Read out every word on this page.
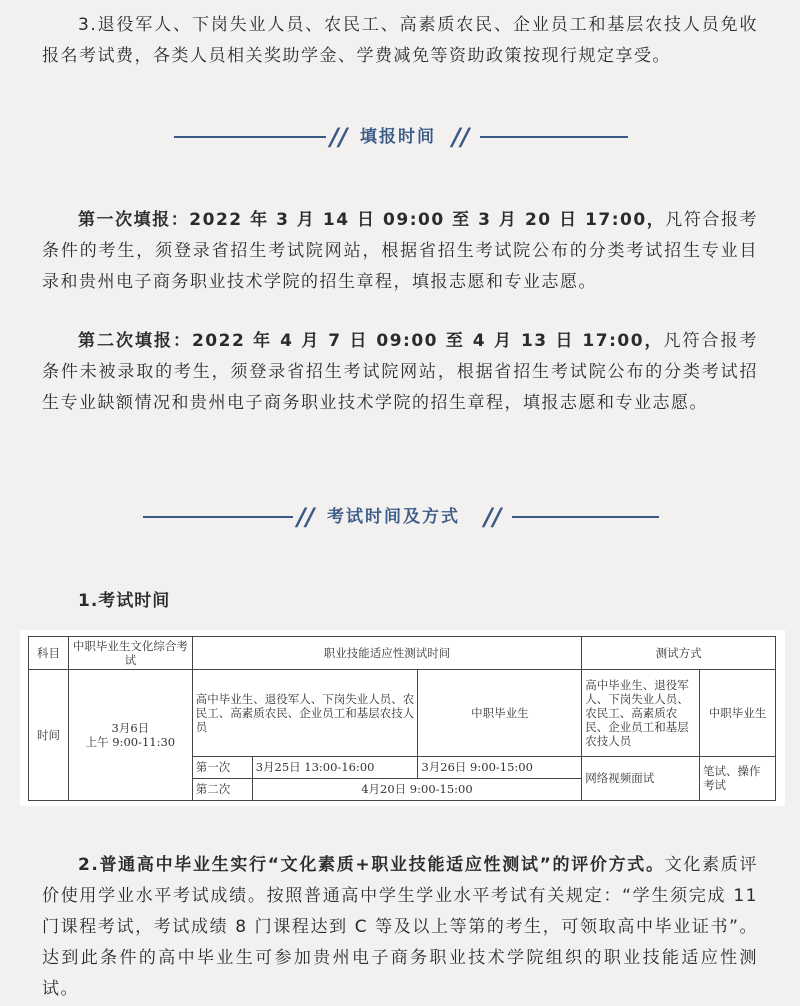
3.退役军人、下岗失业人员、农民工、高素质农民、企业员工和基层农技人员免收报名考试费，各类人员相关奖助学金、学费减免等资助政策按现行规定享受。

// 填报时间 //

第一次填报：2022 年 3 月 14 日 09:00 至 3 月 20 日 17:00，凡符合报考条件的考生，须登录省招生考试院网站，根据省招生考试院公布的分类考试招生专业目录和贵州电子商务职业技术学院的招生章程，填报志愿和专业志愿。

第二次填报：2022 年 4 月 7 日 09:00 至 4 月 13 日 17:00，凡符合报考条件未被录取的考生，须登录省招生考试院网站，根据省招生考试院公布的分类考试招生专业缺额情况和贵州电子商务职业技术学院的招生章程，填报志愿和专业志愿。

// 考试时间及方式 //
1.考试时间
科目	中职毕业生文化综合考试	职业技能适应性测试时间			测试方式	
时间	3月6日
上午 9:00-11:30	高中毕业生、退役军人、下岗失业人员、农民工、高素质农民、企业员工和基层农技人员		中职毕业生	高中毕业生、退役军人、下岗失业人员、农民工、高素质农民、企业员工和基层农技人员	中职毕业生
		第一次	3月25日 13:00-16:00	3月26日 9:00-15:00	网络视频面试	笔试、操作考试
		第二次	4月20日 9:00-15:00			

2.普通高中毕业生实行“文化素质+职业技能适应性测试”的评价方式。文化素质评价使用学业水平考试成绩。按照普通高中学生学业水平考试有关规定：“学生须完成 11 门课程考试，考试成绩 8 门课程达到 C 等及以上等第的考生，可领取高中毕业证书”。达到此条件的高中毕业生可参加贵州电子商务职业技术学院组织的职业技能适应性测试。
